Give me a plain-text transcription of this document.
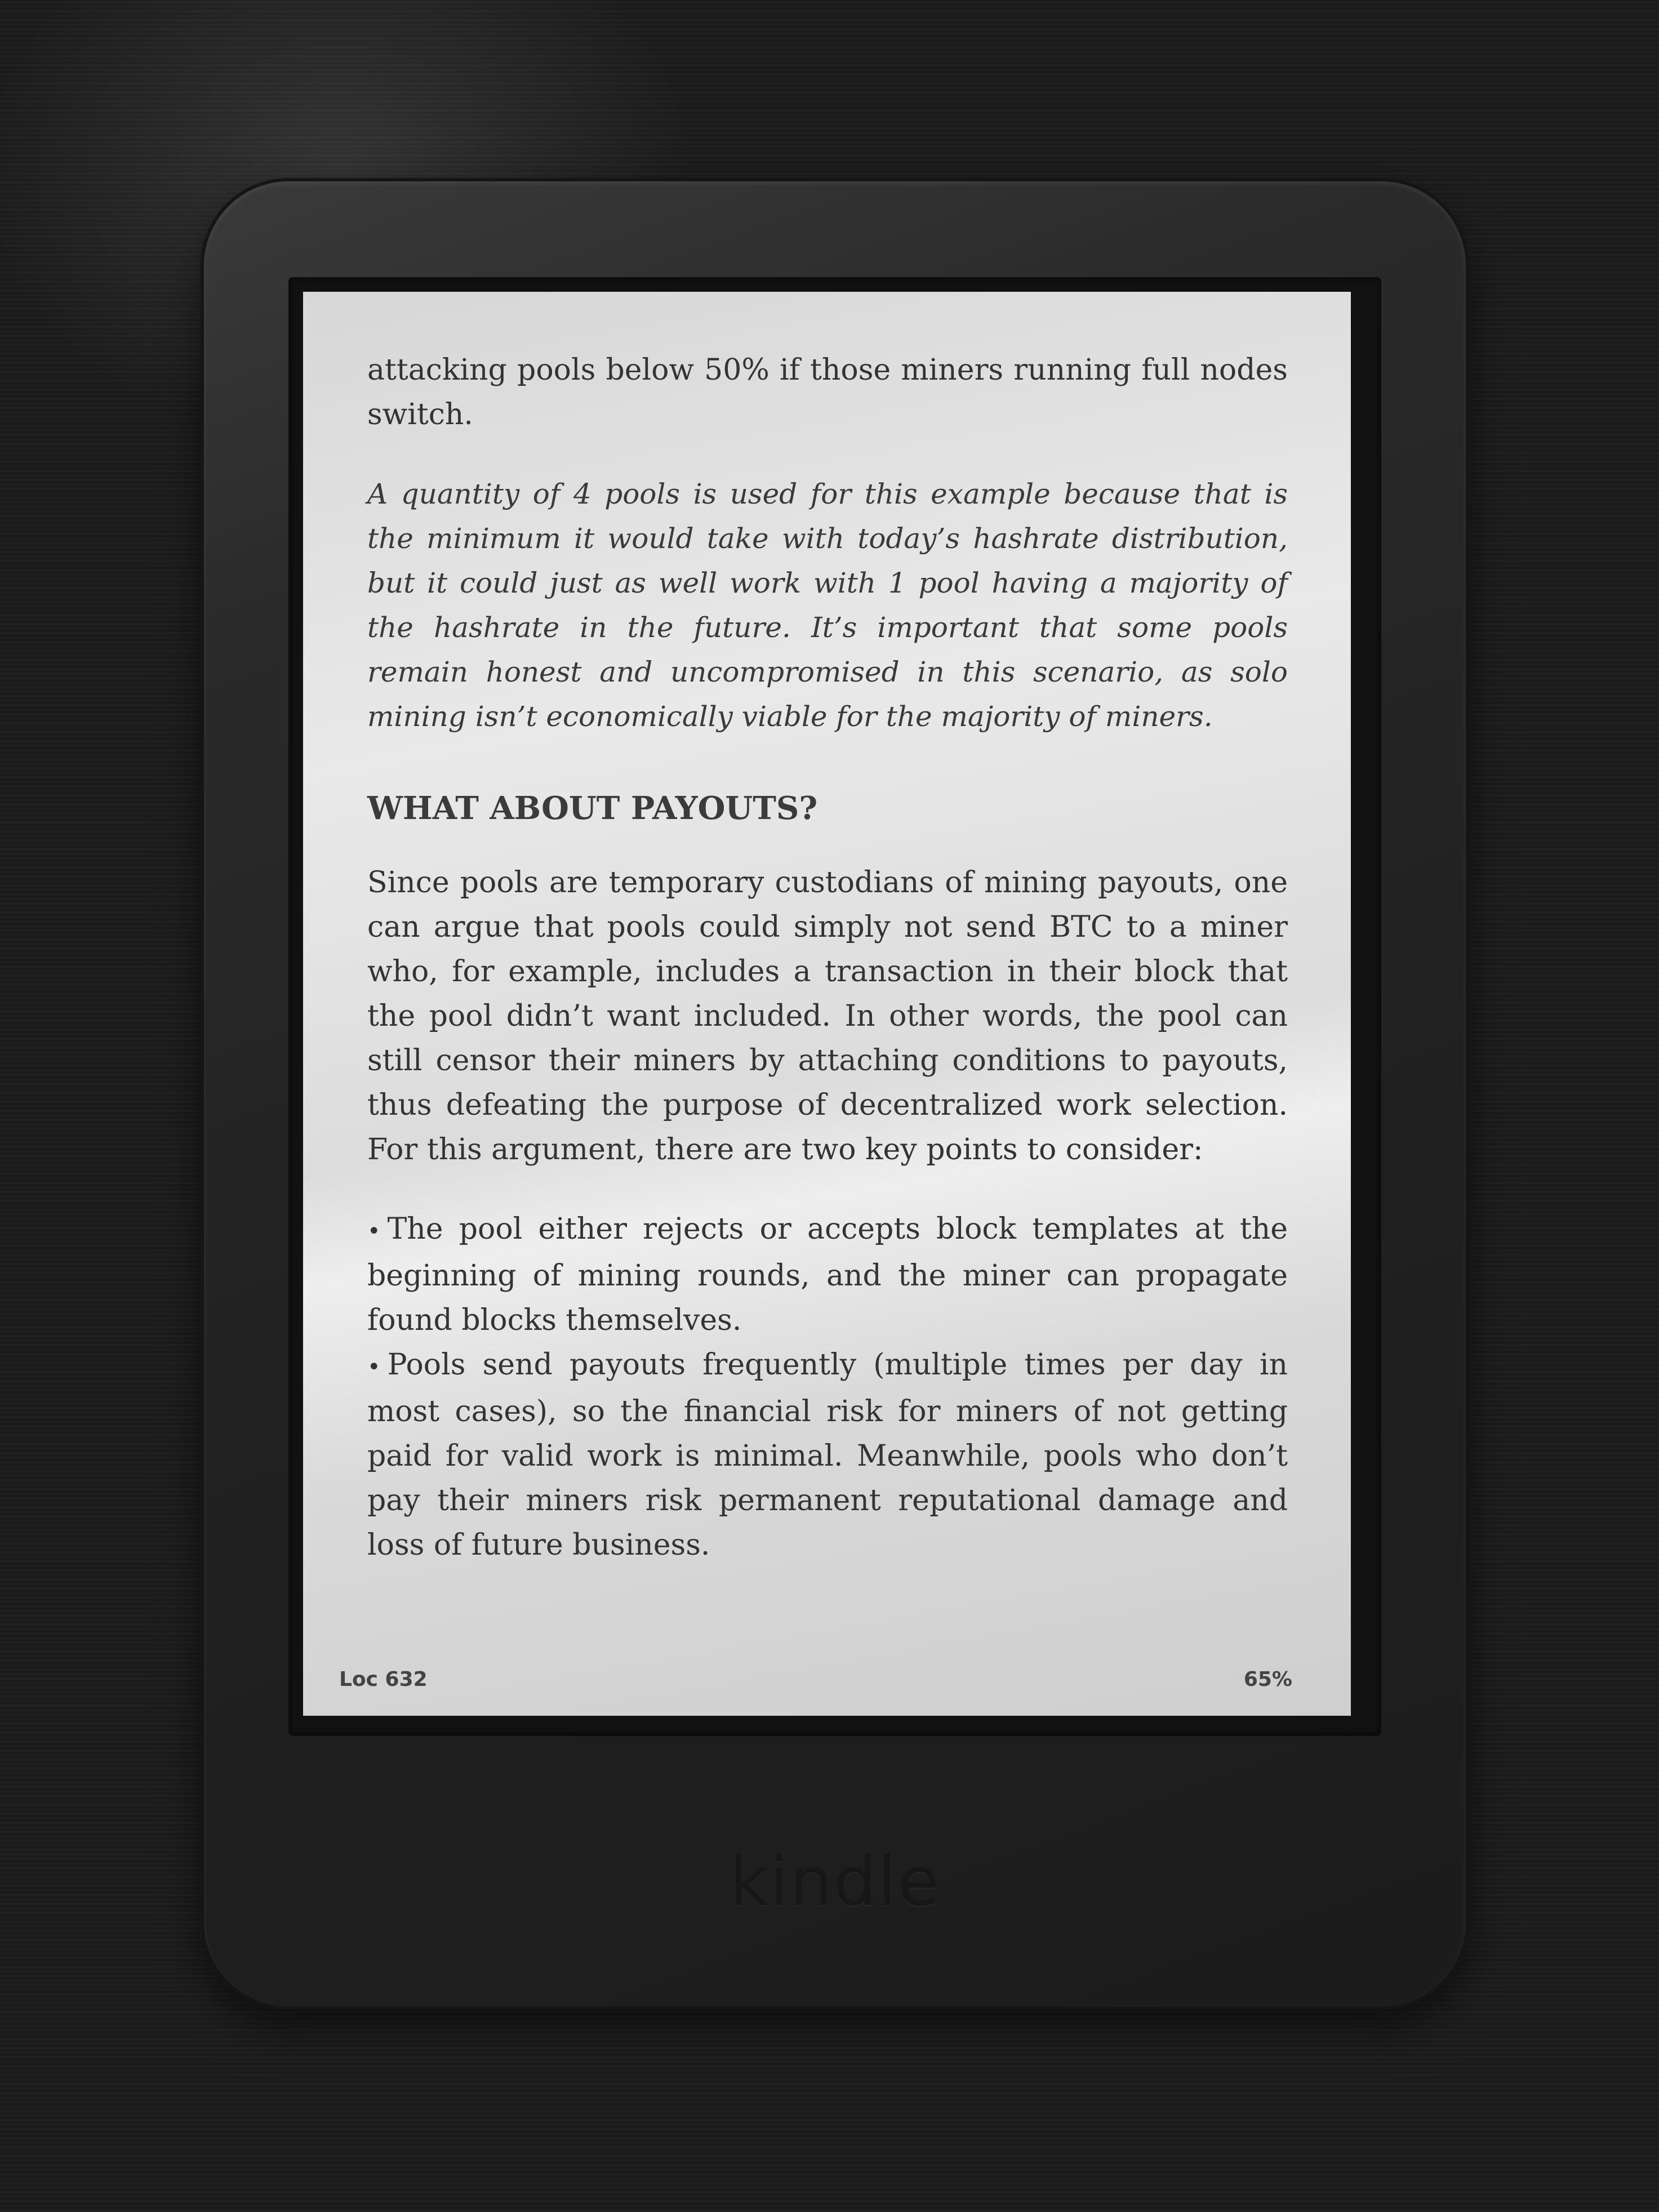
attacking pools below 50% if those miners running full nodes switch.

A quantity of 4 pools is used for this example because that is the minimum it would take with today’s hashrate distribution, but it could just as well work with 1 pool having a majority of the hashrate in the future. It’s important that some pools remain honest and uncompromised in this scenario, as solo mining isn’t economically viable for the majority of miners.

WHAT ABOUT PAYOUTS?

Since pools are temporary custodians of mining payouts, one can argue that pools could simply not send BTC to a miner who, for example, includes a transaction in their block that the pool didn’t want included. In other words, the pool can still censor their miners by attaching conditions to payouts, thus defeating the purpose of decentralized work selection. For this argument, there are two key points to consider:

• The pool either rejects or accepts block templates at the beginning of mining rounds, and the miner can propagate found blocks themselves.

• Pools send payouts frequently (multiple times per day in most cases), so the financial risk for miners of not getting paid for valid work is minimal. Meanwhile, pools who don’t pay their miners risk permanent reputational damage and loss of future business.

Loc 632	65%
kindle
